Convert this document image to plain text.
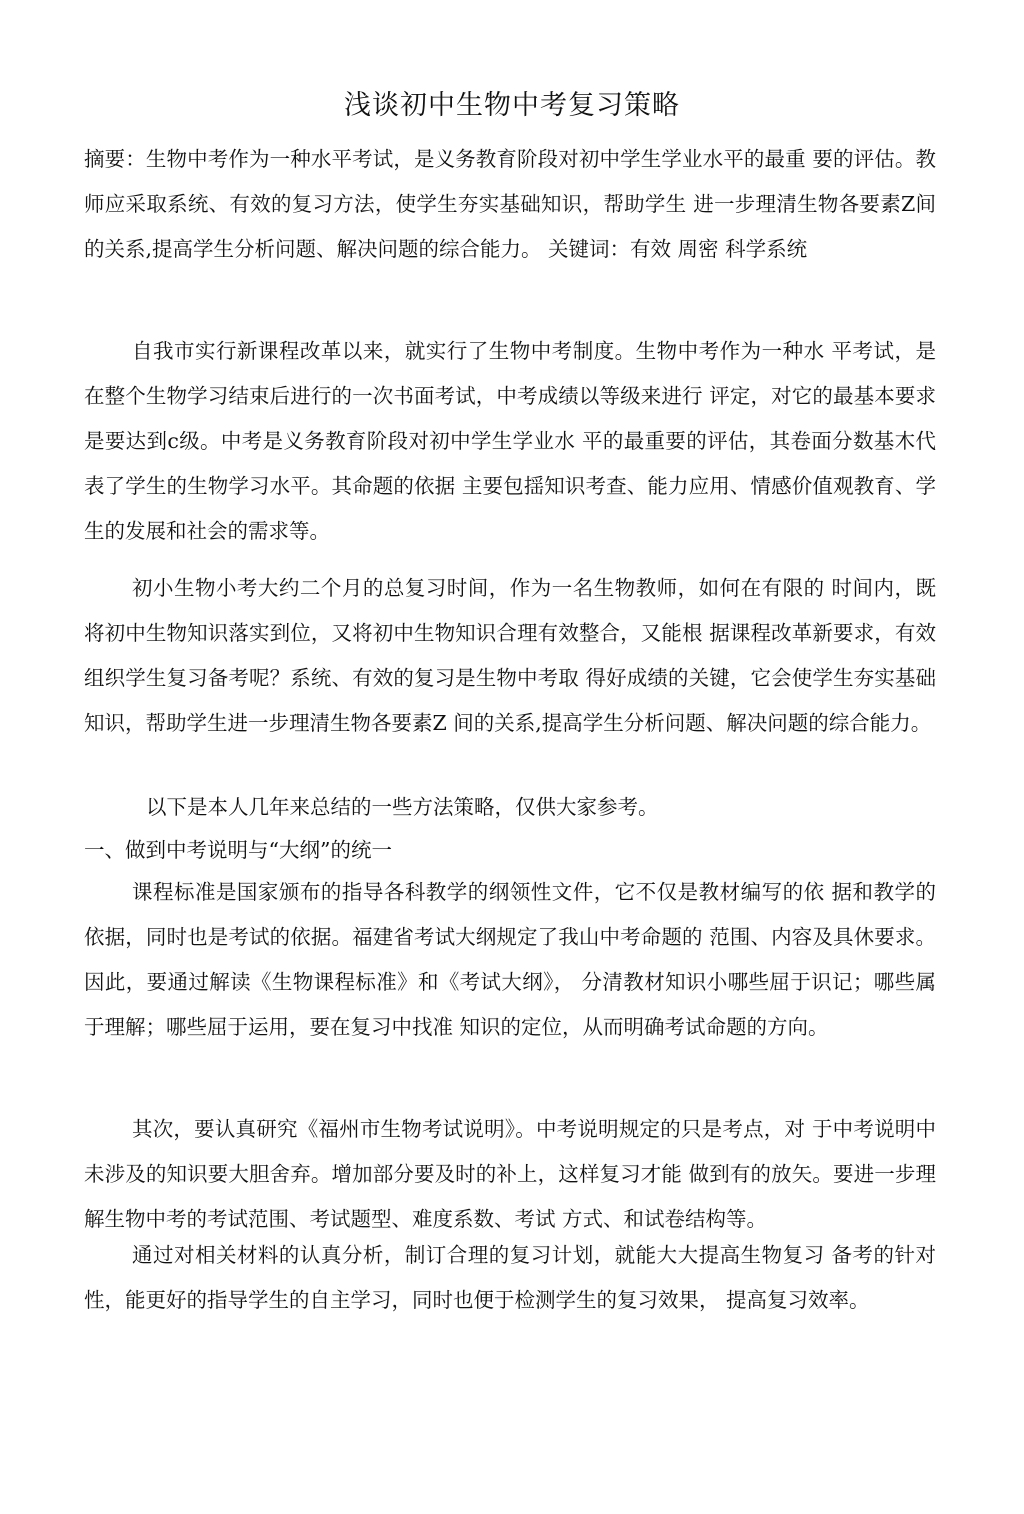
浅谈初中生物中考复习策略
摘要：生物中考作为一种水平考试，是义务教育阶段对初中学生学业水平的最重 要的评估。教师应采取系统、有效的复习方法，使学生夯实基础知识，帮助学生 进一步理清生物各要素Z间的关系,提高学生分析问题、解决问题的综合能力。 关键词：有效 周密 科学系统
自我市实行新课程改革以来，就实行了生物中考制度。生物中考作为一种水 平考试，是在整个生物学习结束后进行的一次书面考试，中考成绩以等级来进行 评定，对它的最基本要求是要达到c级。中考是义务教育阶段对初中学生学业水 平的最重要的评估，其卷面分数基木代表了学生的生物学习水平。其命题的依据 主要包揺知识考查、能力应用、情感价值观教育、学生的发展和社会的需求等。
初小生物小考大约二个月的总复习时间，作为一名生物教师，如何在有限的 时间内，既将初中生物知识落实到位，又将初中生物知识合理有效整合，又能根 据课程改革新要求，有效组织学生复习备考呢？系统、有效的复习是生物中考取 得好成绩的关键，它会使学生夯实基础知识，帮助学生进一步理清生物各要素Z 间的关系,提高学生分析问题、解决问题的综合能力。
以下是本人几年来总结的一些方法策略，仅供大家参考。
一、做到中考说明与“大纲”的统一
课程标准是国家颁布的指导各科教学的纲领性文件，它不仅是教材编写的依 据和教学的依据，同时也是考试的依据。福建省考试大纲规定了我山中考命题的 范围、内容及具休要求。因此，要通过解读《生物课程标准》和《考试大纲》， 分清教材知识小哪些屈于识记；哪些属于理解；哪些屈于运用，要在复习中找准 知识的定位，从而明确考试命题的方向。
其次，要认真研究《福州市生物考试说明》。中考说明规定的只是考点，对 于中考说明中未涉及的知识要大胆舍弃。增加部分要及时的补上，这样复习才能 做到有的放矢。要进一步理解生物中考的考试范围、考试题型、难度系数、考试 方式、和试卷结构等。
通过对相关材料的认真分析，制订合理的复习计划，就能大大提高生物复习 备考的针对性，能更好的指导学生的自主学习，同时也便于检测学生的复习效果， 提高复习效率。
